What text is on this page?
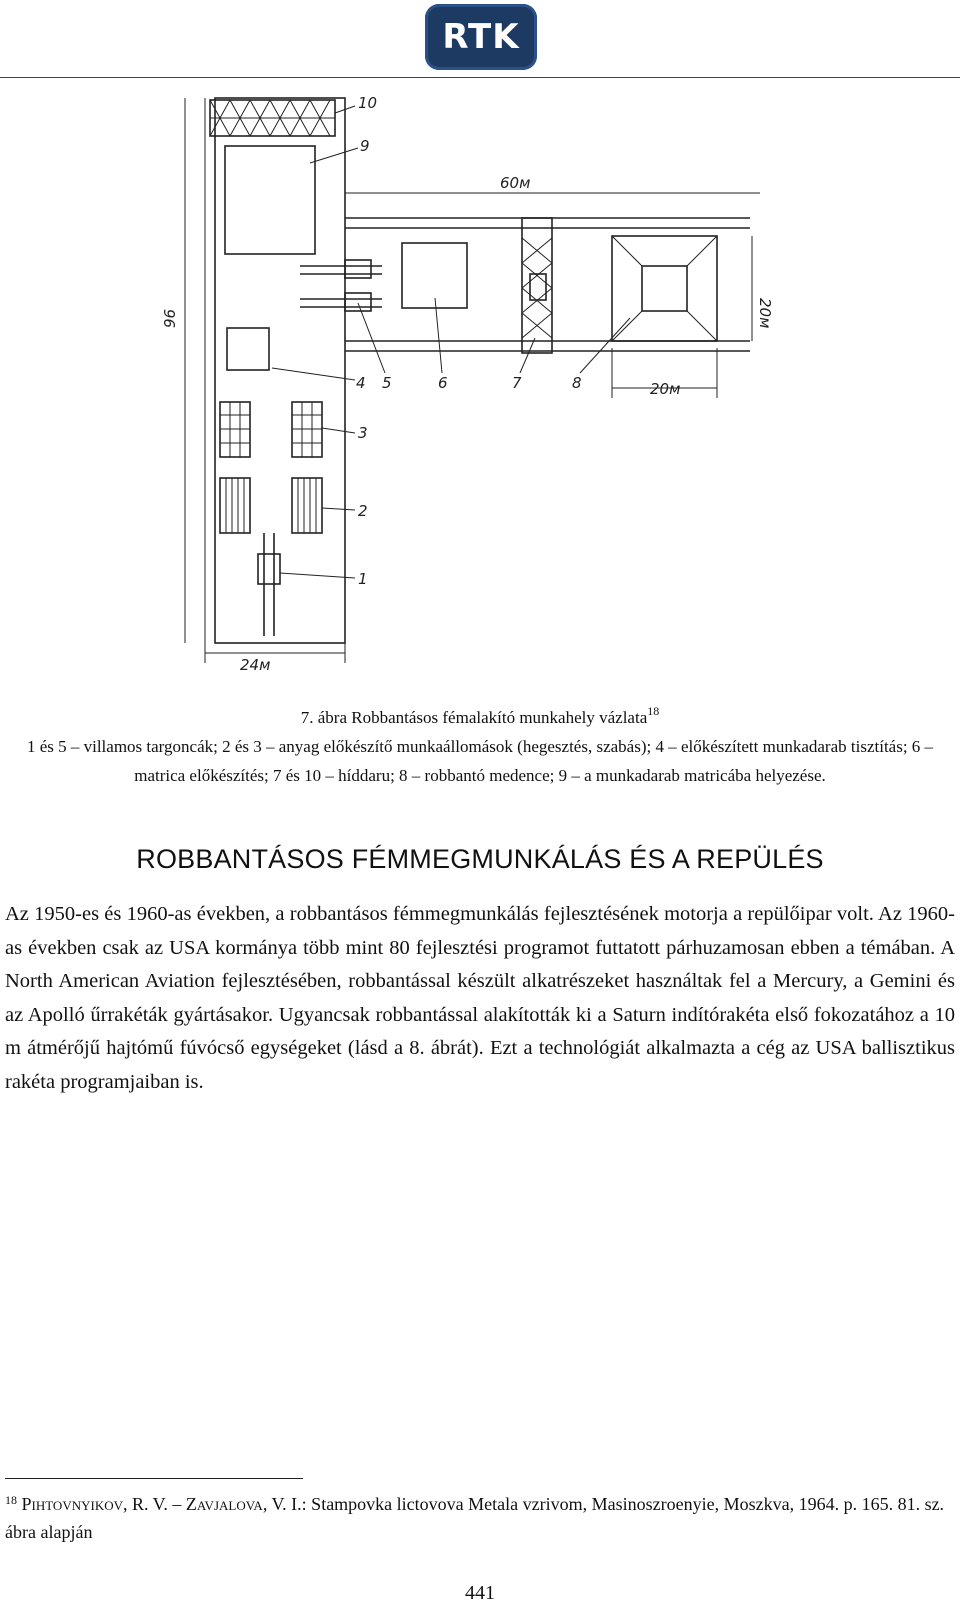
RTK
10
9
60м
96	20м
20м
4 5	6	7	8
3
2
1
24м
7. ábra Robbantásos fémalakító munkahely vázlata$^{18}$
1 és 5 – villamos targoncák; 2 és 3 – anyag előkészítő munkaállomások (hegesztés, szabás); 4 – előkészített munkadarab tisztítás; 6 – matrica előkészítés; 7 és 10 – híddaru; 8 – robbantó medence; 9 – a munkadarab matricába helyezése.
ROBBANTÁSOS FÉMMEGMUNKÁLÁS ÉS A REPÜLÉS
Az 1950-es és 1960-as években, a robbantásos fémmegmunkálás fejlesztésének motorja a repülőipar volt. Az 1960-as években csak az USA kormánya több mint 80 fejlesztési programot futtatott párhuzamosan ebben a témában. A North American Aviation fejlesztésében, robbantással készült alkatrészeket használtak fel a Mercury, a Gemini és az Apolló űrrakéták gyártásakor. Ugyancsak robbantással alakították ki a Saturn indítórakéta első fokozatához a 10 m átmérőjű hajtómű fúvócső egységeket (lásd a 8. ábrát). Ezt a technológiát alkalmazta a cég az USA ballisztikus rakéta programjaiban is.
$^{18}$ Pihtovnyikov, R. V. – Zavjalova, V. I.: Stampovka lictovova Metala vzrivom, Masinoszroenyie, Moszkva, 1964. p. 165. 81. sz. ábra alapján
441
